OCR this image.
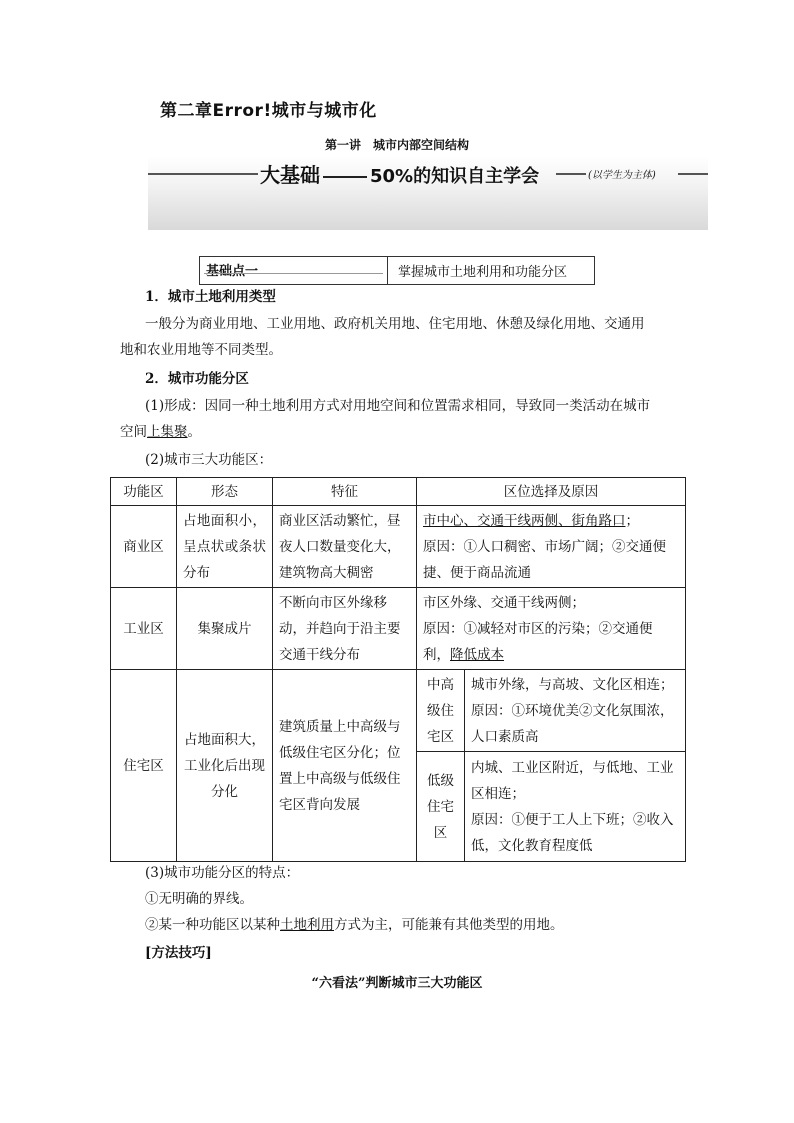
第二章Error!城市与城市化
第一讲　城市内部空间结构
大基础	50%的知识自主学会	(以学生为主体)
基础点一	掌握城市土地利用和功能分区
1．城市土地利用类型
一般分为商业用地、工业用地、政府机关用地、住宅用地、休憩及绿化用地、交通用
地和农业用地等不同类型。
2．城市功能分区
(1)形成：因同一种土地利用方式对用地空间和位置需求相同，导致同一类活动在城市
空间上集聚。
(2)城市三大功能区：
功能区	形态	特征	区位选择及原因	
商业区	占地面积小，呈点状或条状分布	商业区活动繁忙，昼夜人口数量变化大，建筑物高大稠密	市中心、交通干线两侧、街角路口；
原因：①人口稠密、市场广阔；②交通便捷、便于商品流通	
工业区	集聚成片	不断向市区外缘移动，并趋向于沿主要交通干线分布	市区外缘、交通干线两侧；
原因：①减轻对市区的污染；②交通便利，降低成本	
住宅区	占地面积大，工业化后出现分化	建筑质量上中高级与低级住宅区分化；位置上中高级与低级住宅区背向发展	中高级住宅区	城市外缘，与高坡、文化区相连；
原因：①环境优美②文化氛围浓，人口素质高
			低级住宅区	内城、工业区附近，与低地、工业区相连；
原因：①便于工人上下班；②收入低，文化教育程度低
(3)城市功能分区的特点：
①无明确的界线。
②某一种功能区以某种土地利用方式为主，可能兼有其他类型的用地。
[方法技巧]
“六看法”判断城市三大功能区
